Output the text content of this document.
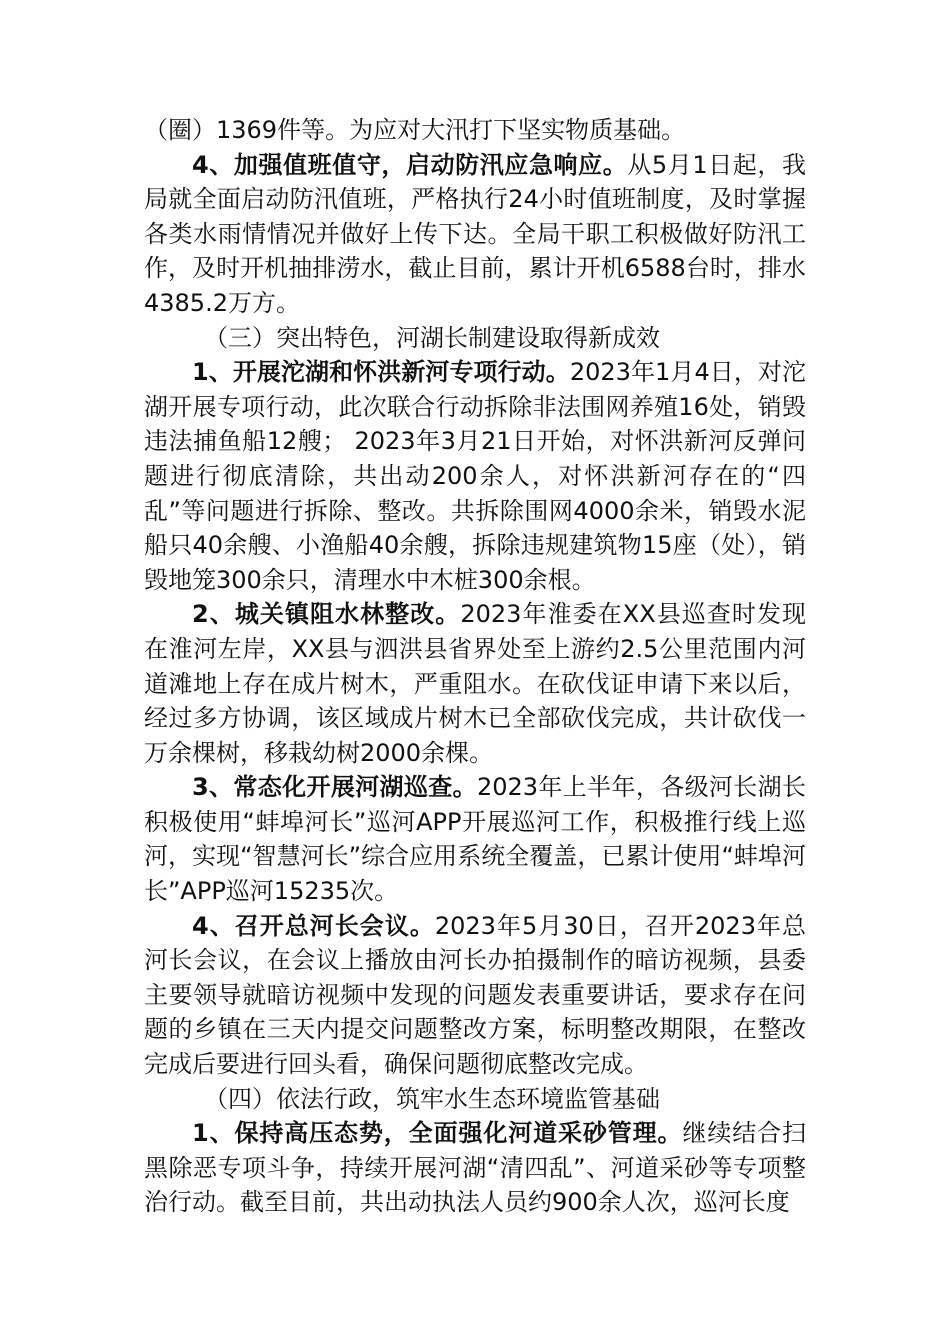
（圈）1369件等。为应对大汛打下坚实物质基础。

4、加强值班值守，启动防汛应急响应。从5月1日起，我局就全面启动防汛值班，严格执行24小时值班制度，及时掌握各类水雨情情况并做好上传下达。全局干职工积极做好防汛工作，及时开机抽排涝水，截止目前，累计开机6588台时，排水4385.2万方。

（三）突出特色，河湖长制建设取得新成效

1、开展沱湖和怀洪新河专项行动。2023年1月4日，对沱湖开展专项行动，此次联合行动拆除非法围网养殖16处，销毁违法捕鱼船12艘； 2023年3月21日开始，对怀洪新河反弹问题进行彻底清除，共出动200余人，对怀洪新河存在的“四乱”等问题进行拆除、整改。共拆除围网4000余米，销毁水泥船只40余艘、小渔船40余艘，拆除违规建筑物15座（处），销毁地笼300余只，清理水中木桩300余根。

2、城关镇阻水林整改。2023年淮委在XX县巡查时发现在淮河左岸，XX县与泗洪县省界处至上游约2.5公里范围内河道滩地上存在成片树木，严重阻水。在砍伐证申请下来以后，经过多方协调，该区域成片树木已全部砍伐完成，共计砍伐一万余棵树，移栽幼树2000余棵。

3、常态化开展河湖巡查。2023年上半年，各级河长湖长积极使用“蚌埠河长”巡河APP开展巡河工作，积极推行线上巡河，实现“智慧河长”综合应用系统全覆盖，已累计使用“蚌埠河长”APP巡河15235次。

4、召开总河长会议。2023年5月30日，召开2023年总河长会议，在会议上播放由河长办拍摄制作的暗访视频，县委主要领导就暗访视频中发现的问题发表重要讲话，要求存在问题的乡镇在三天内提交问题整改方案，标明整改期限，在整改完成后要进行回头看，确保问题彻底整改完成。

（四）依法行政，筑牢水生态环境监管基础

1、保持高压态势，全面强化河道采砂管理。继续结合扫黑除恶专项斗争，持续开展河湖“清四乱”、河道采砂等专项整治行动。截至目前，共出动执法人员约900余人次，巡河长度
